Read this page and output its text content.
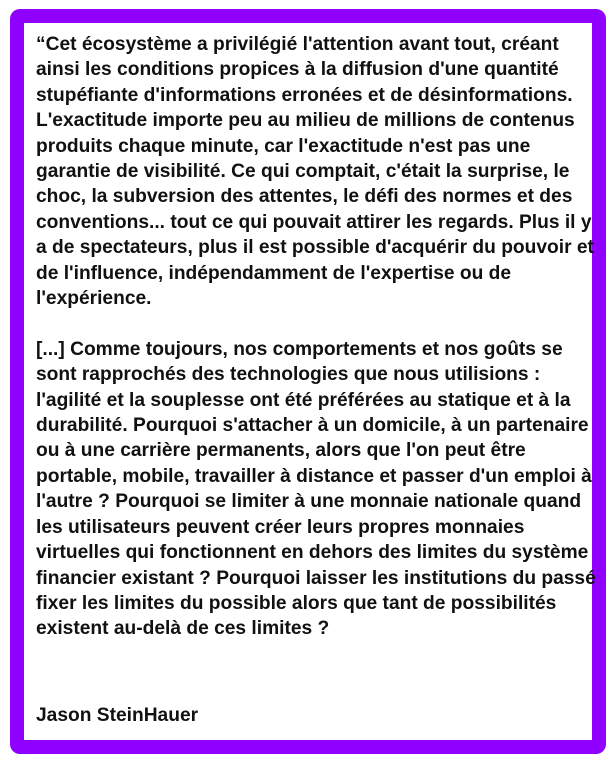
“Cet écosystème a privilégié l'attention avant tout, créant ainsi les conditions propices à la diffusion d'une quantité stupéfiante d'informations erronées et de désinformations. L'exactitude importe peu au milieu de millions de contenus produits chaque minute, car l'exactitude n'est pas une garantie de visibilité. Ce qui comptait, c'était la surprise, le choc, la subversion des attentes, le défi des normes et des conventions... tout ce qui pouvait attirer les regards. Plus il y a de spectateurs, plus il est possible d'acquérir du pouvoir et de l'influence, indépendamment de l'expertise ou de l'expérience.

[...] Comme toujours, nos comportements et nos goûts se sont rapprochés des technologies que nous utilisions : l'agilité et la souplesse ont été préférées au statique et à la durabilité. Pourquoi s'attacher à un domicile, à un partenaire ou à une carrière permanents, alors que l'on peut être portable, mobile, travailler à distance et passer d'un emploi à l'autre ? Pourquoi se limiter à une monnaie nationale quand les utilisateurs peuvent créer leurs propres monnaies virtuelles qui fonctionnent en dehors des limites du système financier existant ? Pourquoi laisser les institutions du passé fixer les limites du possible alors que tant de possibilités existent au-delà de ces limites ?

Jason SteinHauer
